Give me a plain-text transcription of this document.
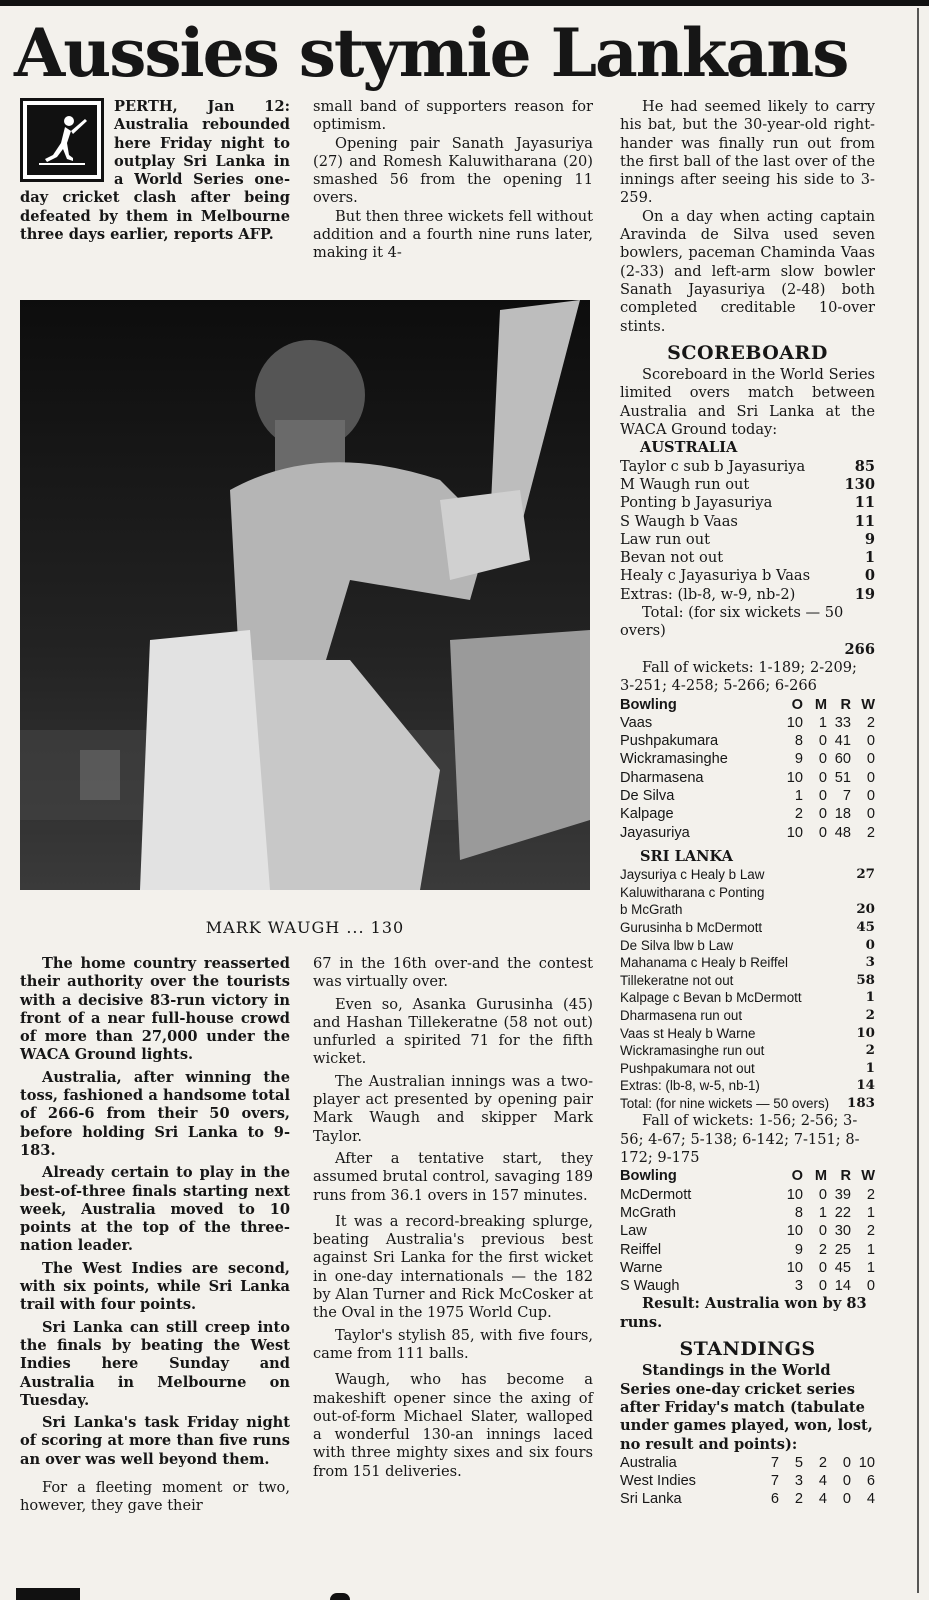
Aussies stymie Lankans

PERTH, Jan 12: Australia rebounded here Friday night to outplay Sri Lanka in a World Series one-day cricket clash after being defeated by them in Melbourne three days earlier, reports AFP.

small band of supporters reason for optimism.

Opening pair Sanath Jayasuriya (27) and Romesh Kaluwitharana (20) smashed 56 from the opening 11 overs.

But then three wickets fell without addition and a fourth nine runs later, making it 4-

He had seemed likely to carry his bat, but the 30-year-old right-hander was finally run out from the first ball of the last over of the innings after seeing his side to 3-259.

On a day when acting captain Aravinda de Silva used seven bowlers, paceman Chaminda Vaas (2-33) and left-arm slow bowler Sanath Jayasuriya (2-48) both completed creditable 10-over stints.

SCOREBOARD

Scoreboard in the World Series limited overs match between Australia and Sri Lanka at the WACA Ground today:

AUSTRALIA
Taylor c sub b Jayasuriya	85
M Waugh run out	130
Ponting b Jayasuriya	11
S Waugh b Vaas	11
Law run out	9
Bevan not out	1
Healy c Jayasuriya b Vaas	0
Extras: (lb-8, w-9, nb-2)	19

Total: (for six wickets — 50 overs)

266

Fall of wickets: 1-189; 2-209; 3-251; 4-258; 5-266; 6-266

Bowling	O	M	R	W
Vaas	10	1	33	2
Pushpakumara	8	0	41	0
Wickramasinghe	9	0	60	0
Dharmasena	10	0	51	0
De Silva	1	0	7	0
Kalpage	2	0	18	0
Jayasuriya	10	0	48	2
SRI LANKA
Jaysuriya c Healy b Law	27
Kaluwitharana c Ponting
b McGrath	20
Gurusinha b McDermott	45
De Silva lbw b Law	0
Mahanama c Healy b Reiffel	3
Tillekeratne not out	58
Kalpage c Bevan b McDermott	1
Dharmasena run out	2
Vaas st Healy b Warne	10
Wickramasinghe run out	2
Pushpakumara not out	1
Extras: (lb-8, w-5, nb-1)	14
Total: (for nine wickets — 50 overs) 183

Fall of wickets: 1-56; 2-56; 3-56; 4-67; 5-138; 6-142; 7-151; 8-172; 9-175

Bowling	O	M	R	W
McDermott	10	0	39	2
McGrath	8	1	22	1
Law	10	0	30	2
Reiffel	9	2	25	1
Warne	10	0	45	1
S Waugh	3	0	14	0

Result: Australia won by 83 runs.

STANDINGS

Standings in the World Series one-day cricket series after Friday's match (tabulate under games played, won, lost, no result and points):

Australia	7	5	2	0	10
West Indies	7	3	4	0	6
Sri Lanka	6	2	4	0	4
MARK WAUGH ... 130

The home country reasserted their authority over the tourists with a decisive 83-run victory in front of a near full-house crowd of more than 27,000 under the WACA Ground lights.

Australia, after winning the toss, fashioned a handsome total of 266-6 from their 50 overs, before holding Sri Lanka to 9-183.

Already certain to play in the best-of-three finals starting next week, Australia moved to 10 points at the top of the three-nation leader.

The West Indies are second, with six points, while Sri Lanka trail with four points.

Sri Lanka can still creep into the finals by beating the West Indies here Sunday and Australia in Melbourne on Tuesday.

Sri Lanka's task Friday night of scoring at more than five runs an over was well beyond them.

For a fleeting moment or two, however, they gave their

67 in the 16th over-and the contest was virtually over.

Even so, Asanka Gurusinha (45) and Hashan Tillekeratne (58 not out) unfurled a spirited 71 for the fifth wicket.

The Australian innings was a two-player act presented by opening pair Mark Waugh and skipper Mark Taylor.

After a tentative start, they assumed brutal control, savaging 189 runs from 36.1 overs in 157 minutes.

It was a record-breaking splurge, beating Australia's previous best against Sri Lanka for the first wicket in one-day internationals — the 182 by Alan Turner and Rick McCosker at the Oval in the 1975 World Cup.

Taylor's stylish 85, with five fours, came from 111 balls.

Waugh, who has become a makeshift opener since the axing of out-of-form Michael Slater, walloped a wonderful 130-an innings laced with three mighty sixes and six fours from 151 deliveries.
